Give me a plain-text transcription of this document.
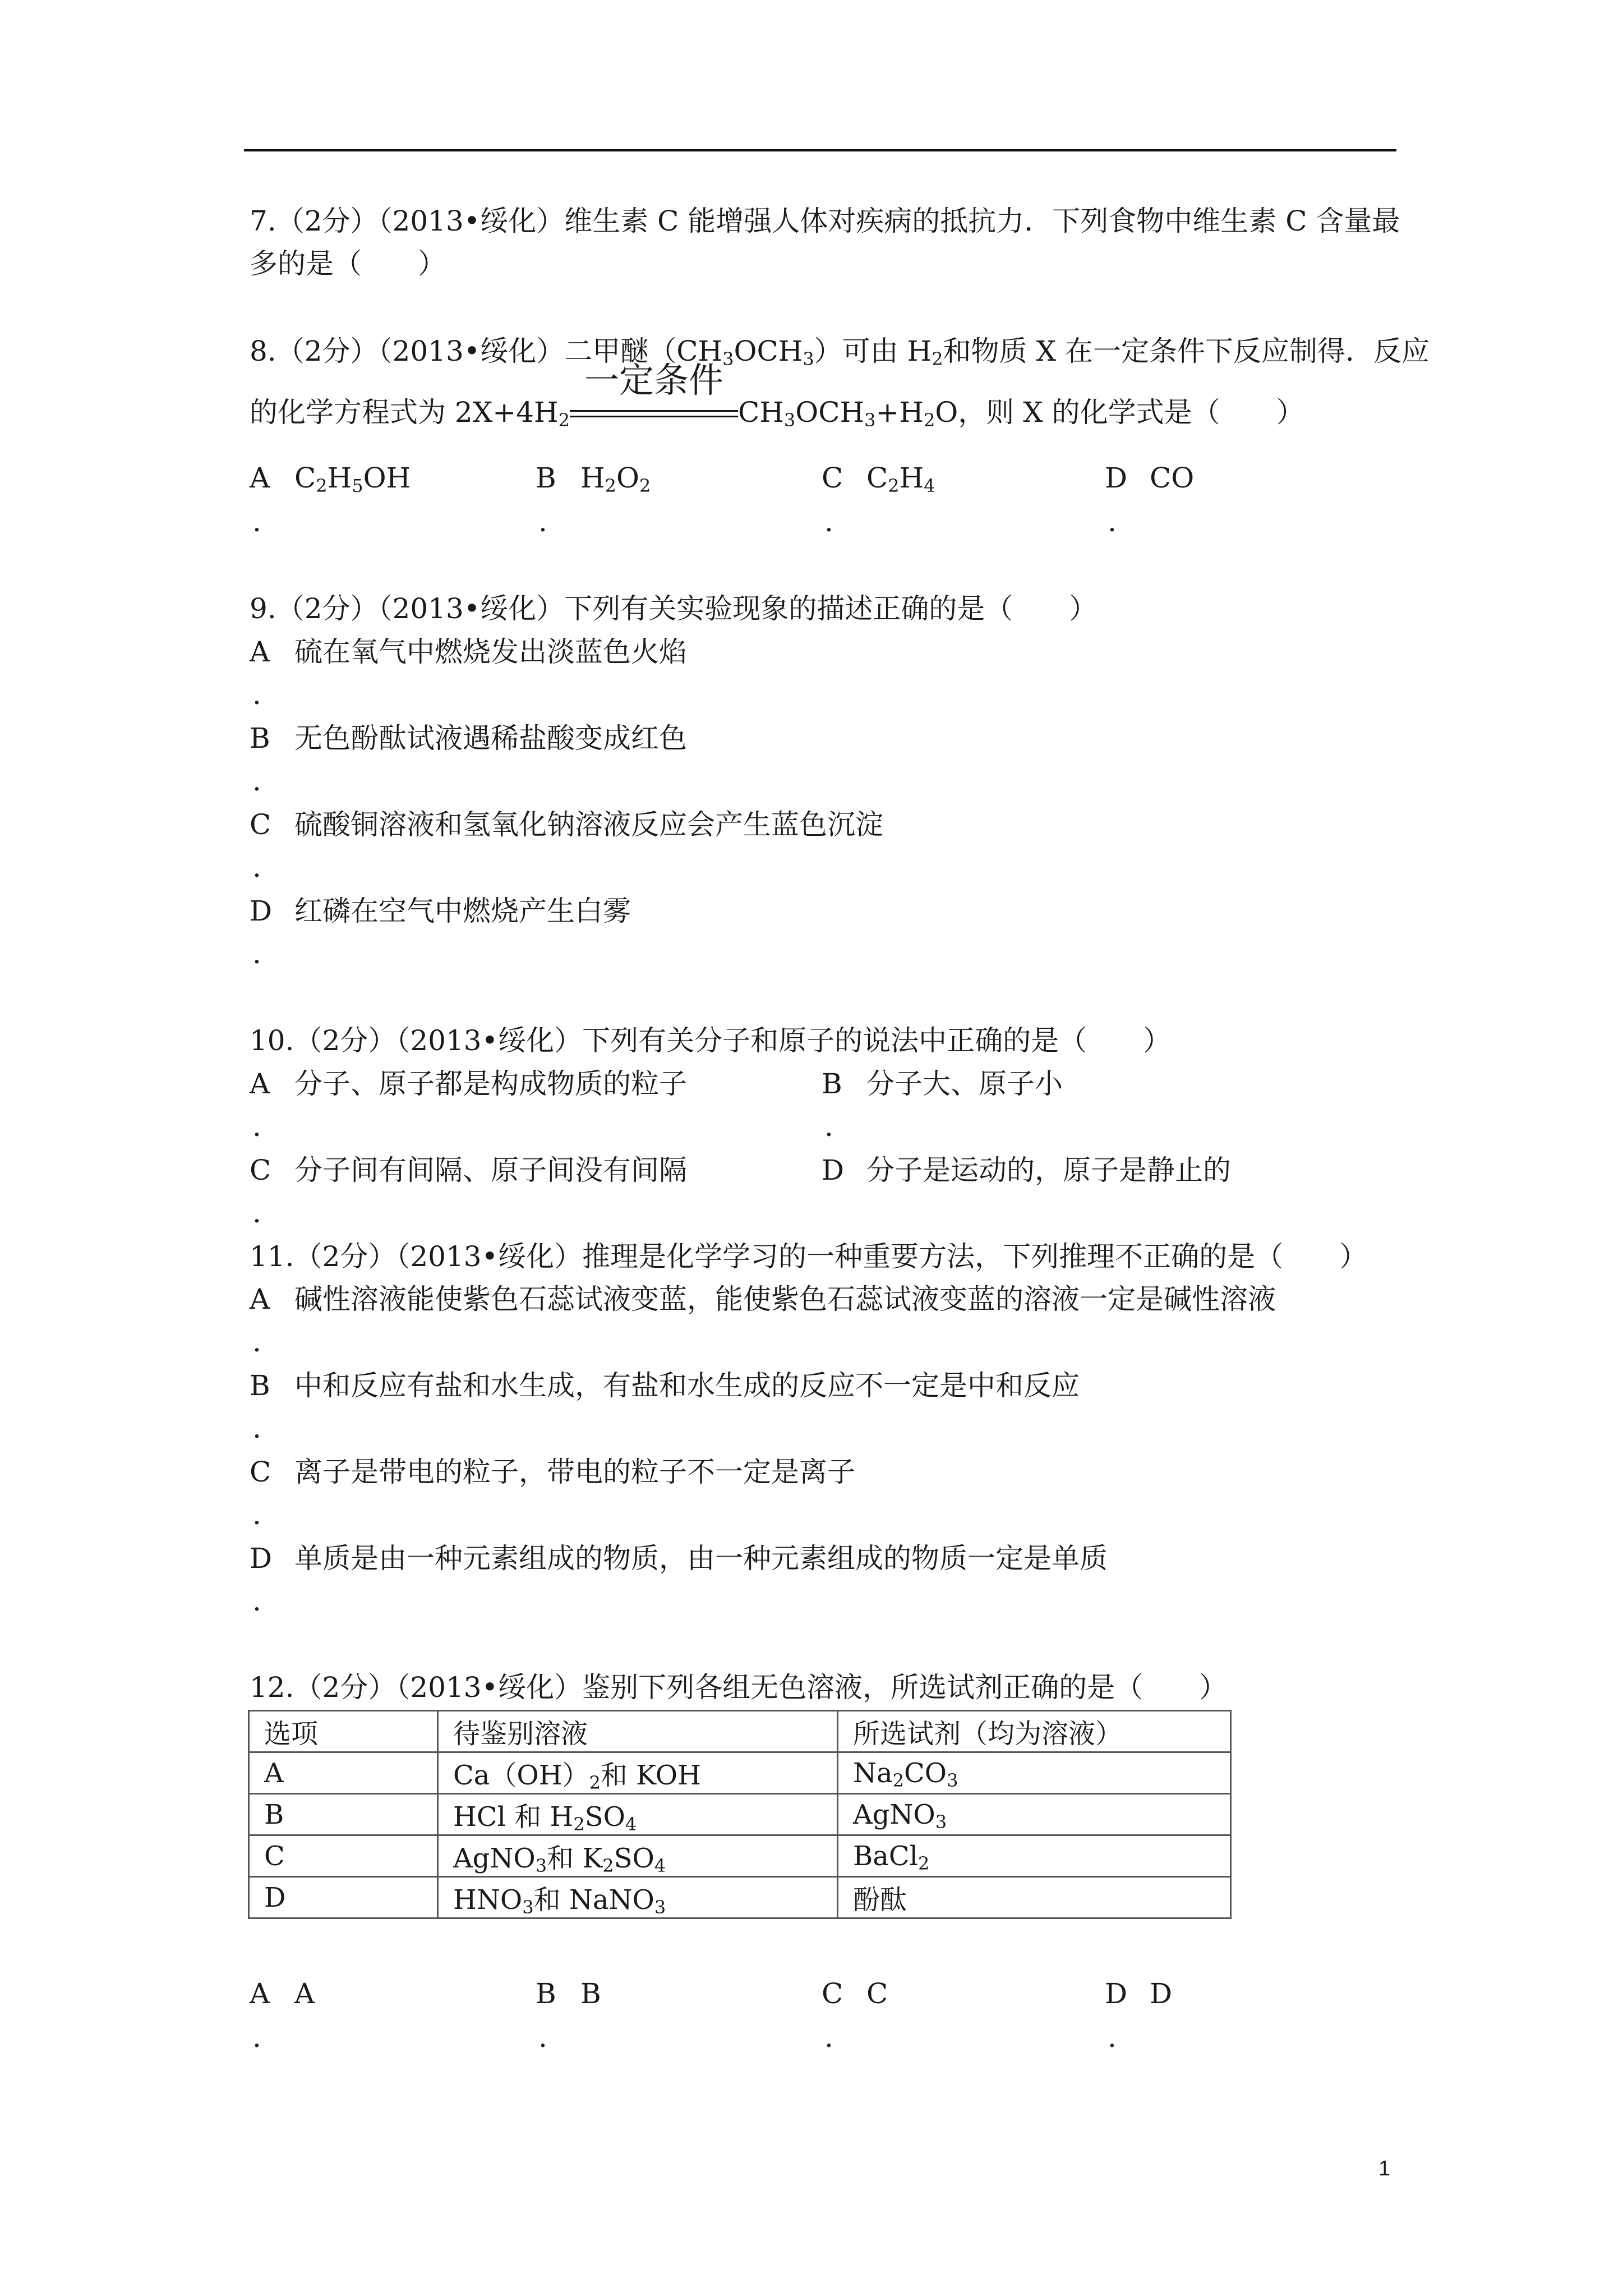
7.（2分）（2013•绥化）维生素 C 能增强人体对疾病的抵抗力．下列食物中维生素 C 含量最
多的是（　　）
8.（2分）（2013•绥化）二甲醚$(CH_3OCH_3)$可由 $H_2$和物质 X 在一定条件下反应制得．反应
的化学方程式为 $2X+4H_2$
一定条件
$CH_3OCH_3+H_2O$，则 X 的化学式是（　　）
A $C_2H_5OH$	B $H_2O_2$	C $C_2H_4$	D CO
.	.	.	.
9.（2分）（2013•绥化）下列有关实验现象的描述正确的是（　　）
A 硫在氧气中燃烧发出淡蓝色火焰
.
B 无色酚酞试液遇稀盐酸变成红色
.
C 硫酸铜溶液和氢氧化钠溶液反应会产生蓝色沉淀
.
D 红磷在空气中燃烧产生白雾
.
10.（2分）（2013•绥化）下列有关分子和原子的说法中正确的是（　　）
A 分子、原子都是构成物质的粒子	B 分子大、原子小
.	.
C 分子间有间隔、原子间没有间隔	D 分子是运动的，原子是静止的
.
11.（2分）（2013•绥化）推理是化学学习的一种重要方法，下列推理不正确的是（　　）
A 碱性溶液能使紫色石蕊试液变蓝，能使紫色石蕊试液变蓝的溶液一定是碱性溶液
.
B 中和反应有盐和水生成，有盐和水生成的反应不一定是中和反应
.
C 离子是带电的粒子，带电的粒子不一定是离子
.
D 单质是由一种元素组成的物质，由一种元素组成的物质一定是单质
.
12.（2分）（2013•绥化）鉴别下列各组无色溶液，所选试剂正确的是（　　）
选项	待鉴别溶液	所选试剂（均为溶液）
A	$Ca(OH)_2$和 KOH	$Na_2CO_3$
B	HCl 和 $H_2SO_4$	AgNO$_3$
C	AgNO$_3$和 $K_2SO_4$	BaCl$_2$
D	$HNO_3$和 NaNO$_3$	酚酞
A A	B B	C C	D D
.	.	.	.
1
